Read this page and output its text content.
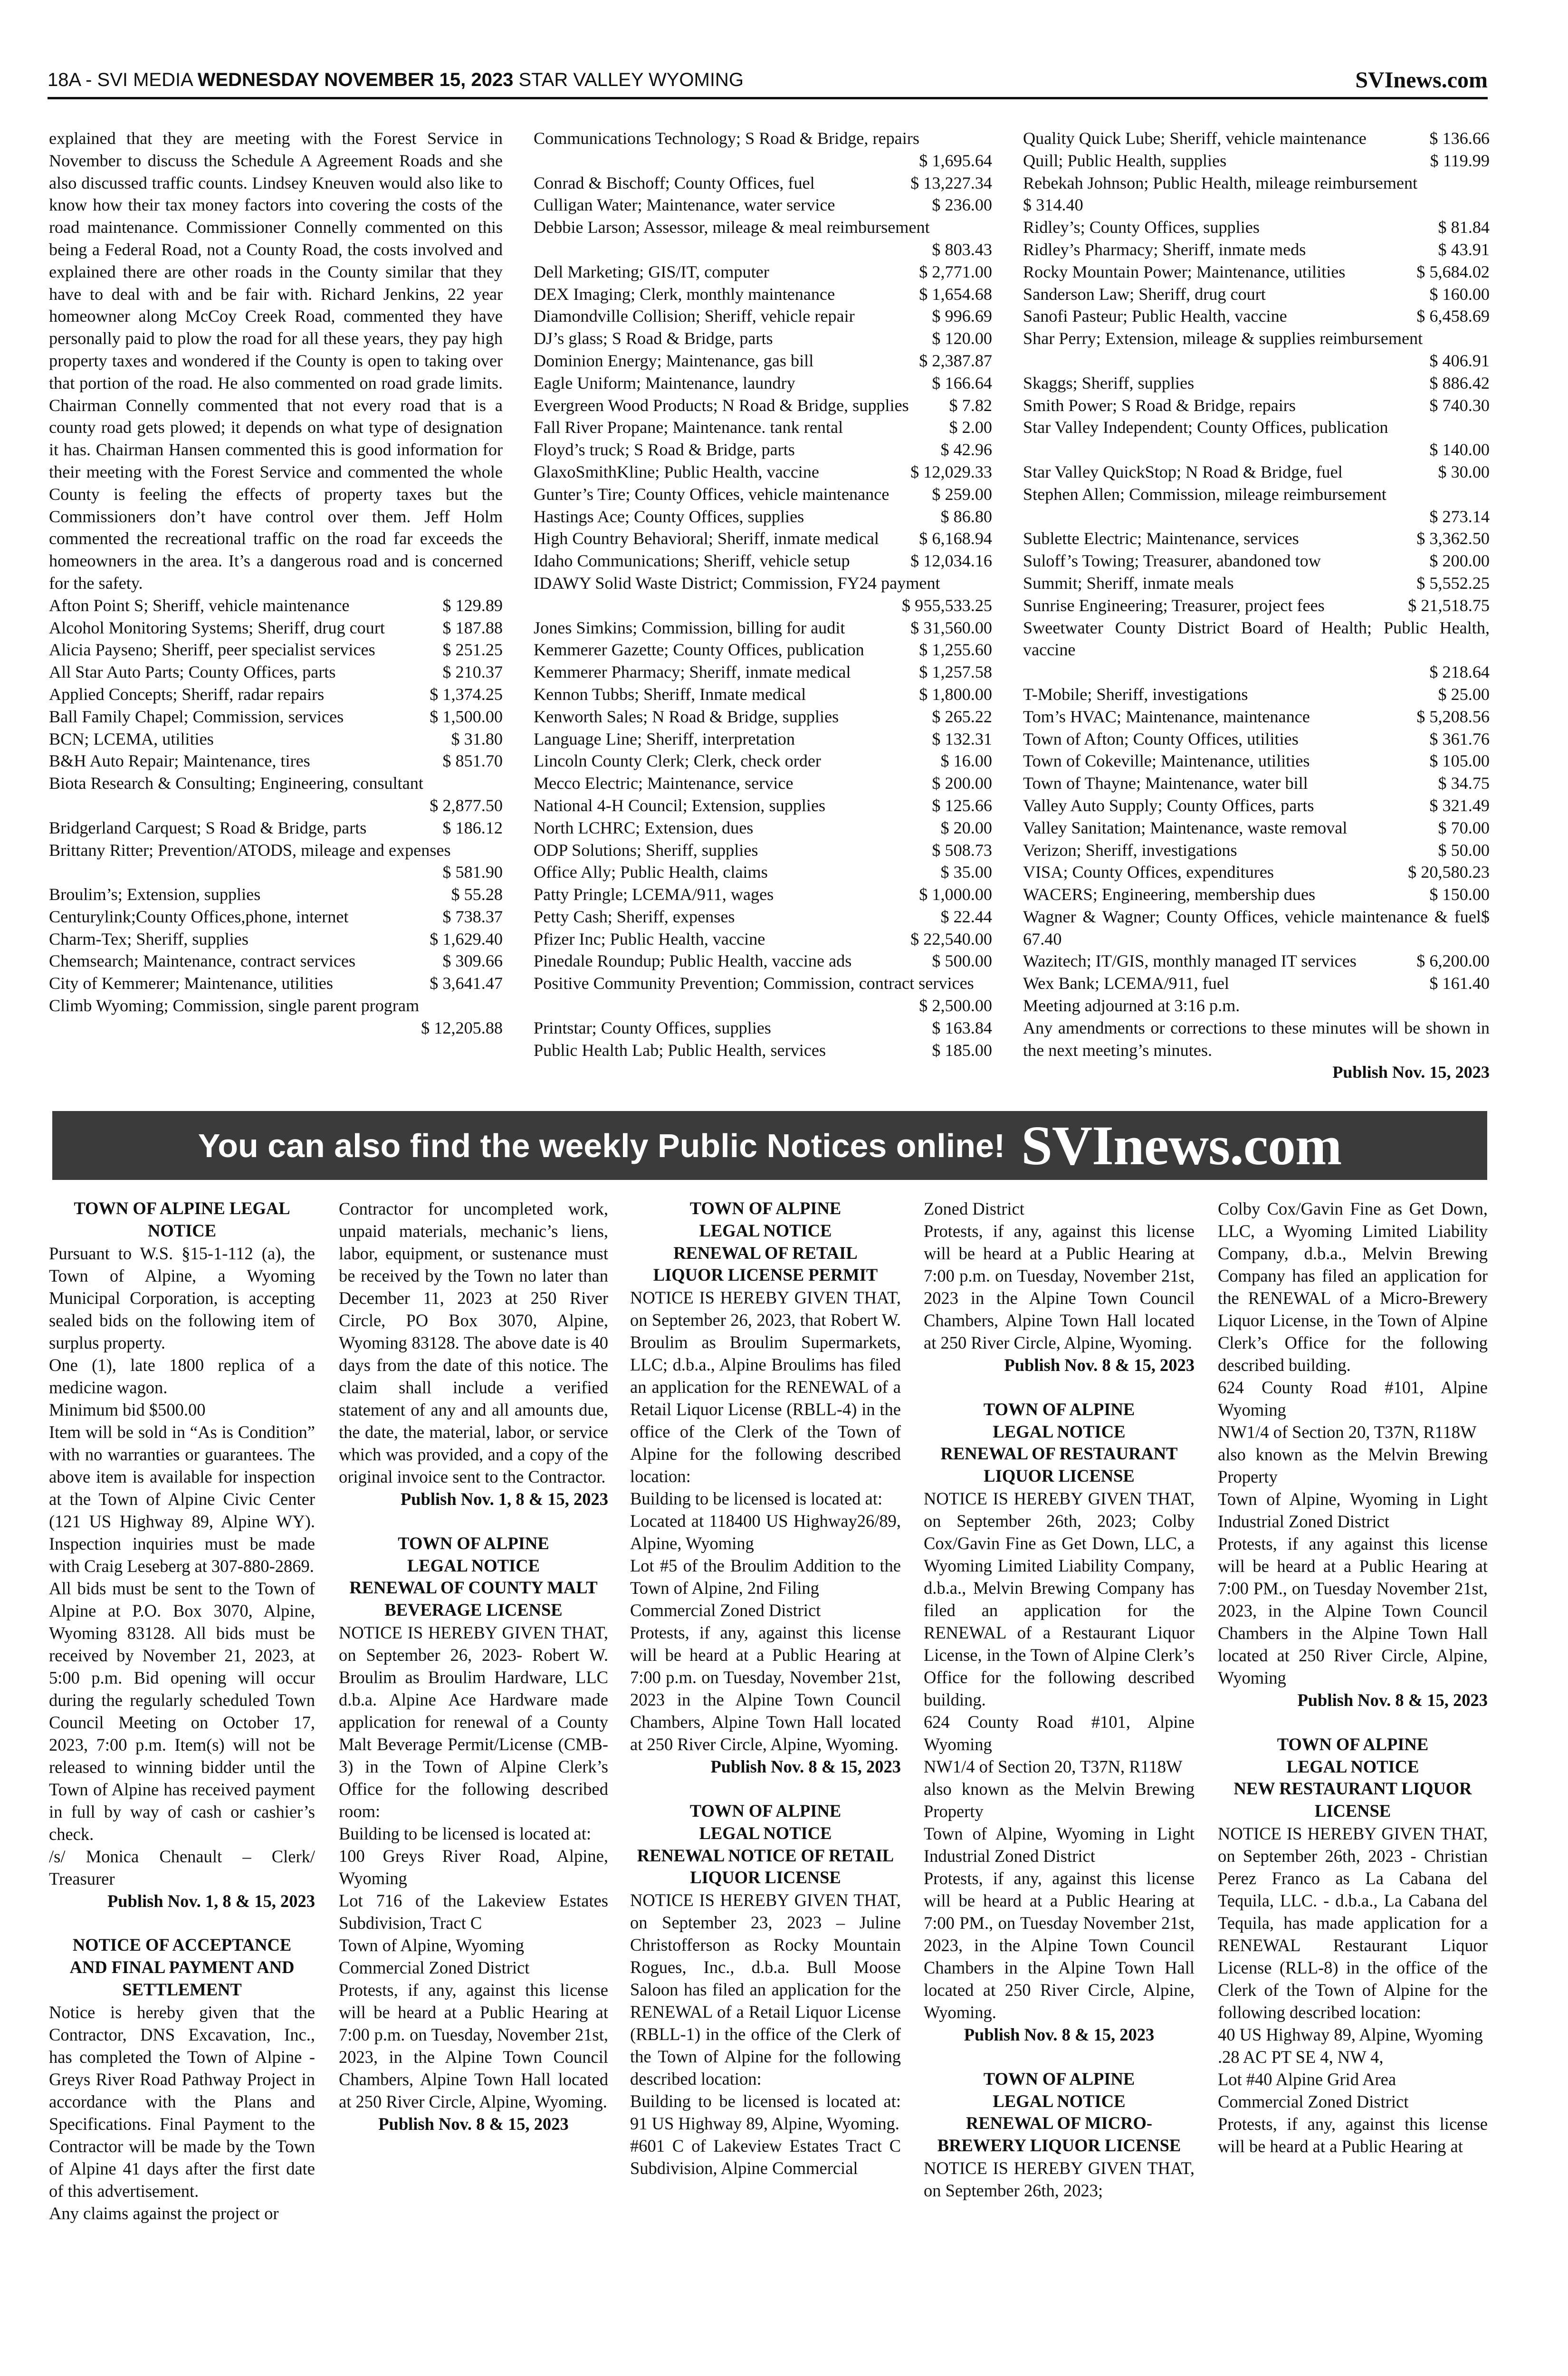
18A - SVI MEDIA WEDNESDAY NOVEMBER 15, 2023 STAR VALLEY WYOMING	SVInews.com

explained that they are meeting with the Forest Service in November to discuss the Schedule A Agreement Roads and she also discussed traffic counts. Lindsey Kneuven would also like to know how their tax money factors into covering the costs of the road maintenance. Commissioner Connelly commented on this being a Federal Road, not a County Road, the costs involved and explained there are other roads in the County similar that they have to deal with and be fair with. Richard Jenkins, 22 year homeowner along McCoy Creek Road, commented they have personally paid to plow the road for all these years, they pay high property taxes and wondered if the County is open to taking over that portion of the road. He also commented on road grade limits. Chairman Connelly commented that not every road that is a county road gets plowed; it depends on what type of designation it has. Chairman Hansen commented this is good information for their meeting with the Forest Service and commented the whole County is feeling the effects of property taxes but the Commissioners don’t have control over them. Jeff Holm commented the recreational traffic on the road far exceeds the homeowners in the area. It’s a dangerous road and is concerned for the safety.

Afton Point S; Sheriff, vehicle maintenance	$ 129.89
Alcohol Monitoring Systems; Sheriff, drug court	$ 187.88
Alicia Payseno; Sheriff, peer specialist services	$ 251.25
All Star Auto Parts; County Offices, parts	$ 210.37
Applied Concepts; Sheriff, radar repairs	$ 1,374.25
Ball Family Chapel; Commission, services	$ 1,500.00
BCN; LCEMA, utilities	$ 31.80
B&H Auto Repair; Maintenance, tires	$ 851.70

Biota Research & Consulting; Engineering, consultant

$ 2,877.50
Bridgerland Carquest; S Road & Bridge, parts	$ 186.12

Brittany Ritter; Prevention/ATODS, mileage and expenses

$ 581.90
Broulim’s; Extension, supplies	$ 55.28
Centurylink;County Offices,phone, internet	$ 738.37
Charm-Tex; Sheriff, supplies	$ 1,629.40
Chemsearch; Maintenance, contract services	$ 309.66
City of Kemmerer; Maintenance, utilities	$ 3,641.47

Climb Wyoming; Commission, single parent program

$ 12,205.88

Communications Technology; S Road & Bridge, repairs

$ 1,695.64
Conrad & Bischoff; County Offices, fuel	$ 13,227.34
Culligan Water; Maintenance, water service	$ 236.00

Debbie Larson; Assessor, mileage & meal reimbursement

$ 803.43
Dell Marketing; GIS/IT, computer	$ 2,771.00
DEX Imaging; Clerk, monthly maintenance	$ 1,654.68
Diamondville Collision; Sheriff, vehicle repair	$ 996.69
DJ’s glass; S Road & Bridge, parts	$ 120.00
Dominion Energy; Maintenance, gas bill	$ 2,387.87
Eagle Uniform; Maintenance, laundry	$ 166.64
Evergreen Wood Products; N Road & Bridge, supplies $ 7.82
Fall River Propane; Maintenance. tank rental	$ 2.00
Floyd’s truck; S Road & Bridge, parts	$ 42.96
GlaxoSmithKline; Public Health, vaccine	$ 12,029.33
Gunter’s Tire; County Offices, vehicle maintenance $ 259.00
Hastings Ace; County Offices, supplies	$ 86.80
High Country Behavioral; Sheriff, inmate medical $ 6,168.94
Idaho Communications; Sheriff, vehicle setup	$ 12,034.16

IDAWY Solid Waste District; Commission, FY24 payment

$ 955,533.25
Jones Simkins; Commission, billing for audit	$ 31,560.00
Kemmerer Gazette; County Offices, publication	$ 1,255.60
Kemmerer Pharmacy; Sheriff, inmate medical	$ 1,257.58
Kennon Tubbs; Sheriff, Inmate medical	$ 1,800.00
Kenworth Sales; N Road & Bridge, supplies	$ 265.22
Language Line; Sheriff, interpretation	$ 132.31
Lincoln County Clerk; Clerk, check order	$ 16.00
Mecco Electric; Maintenance, service	$ 200.00
National 4-H Council; Extension, supplies	$ 125.66
North LCHRC; Extension, dues	$ 20.00
ODP Solutions; Sheriff, supplies	$ 508.73
Office Ally; Public Health, claims	$ 35.00
Patty Pringle; LCEMA/911, wages	$ 1,000.00
Petty Cash; Sheriff, expenses	$ 22.44
Pfizer Inc; Public Health, vaccine	$ 22,540.00
Pinedale Roundup; Public Health, vaccine ads	$ 500.00

Positive Community Prevention; Commission, contract services

$ 2,500.00
Printstar; County Offices, supplies	$ 163.84
Public Health Lab; Public Health, services	$ 185.00
Quality Quick Lube; Sheriff, vehicle maintenance	$ 136.66
Quill; Public Health, supplies	$ 119.99

Rebekah Johnson; Public Health, mileage reimbursement

$ 314.40
Ridley’s; County Offices, supplies	$ 81.84
Ridley’s Pharmacy; Sheriff, inmate meds	$ 43.91
Rocky Mountain Power; Maintenance, utilities	$ 5,684.02
Sanderson Law; Sheriff, drug court	$ 160.00
Sanofi Pasteur; Public Health, vaccine	$ 6,458.69

Shar Perry; Extension, mileage & supplies reimbursement

$ 406.91
Skaggs; Sheriff, supplies	$ 886.42
Smith Power; S Road & Bridge, repairs	$ 740.30

Star Valley Independent; County Offices, publication

$ 140.00
Star Valley QuickStop; N Road & Bridge, fuel	$ 30.00

Stephen Allen; Commission, mileage reimbursement

$ 273.14
Sublette Electric; Maintenance, services	$ 3,362.50
Suloff’s Towing; Treasurer, abandoned tow	$ 200.00
Summit; Sheriff, inmate meals	$ 5,552.25
Sunrise Engineering; Treasurer, project fees	$ 21,518.75

Sweetwater County District Board of Health; Public Health, vaccine

$ 218.64
T-Mobile; Sheriff, investigations	$ 25.00
Tom’s HVAC; Maintenance, maintenance	$ 5,208.56
Town of Afton; County Offices, utilities	$ 361.76
Town of Cokeville; Maintenance, utilities	$ 105.00
Town of Thayne; Maintenance, water bill	$ 34.75
Valley Auto Supply; County Offices, parts	$ 321.49
Valley Sanitation; Maintenance, waste removal	$ 70.00
Verizon; Sheriff, investigations	$ 50.00
VISA; County Offices, expenditures	$ 20,580.23
WACERS; Engineering, membership dues	$ 150.00

Wagner & Wagner; County Offices, vehicle maintenance & fuel$ 67.40

Wazitech; IT/GIS, monthly managed IT services	$ 6,200.00
Wex Bank; LCEMA/911, fuel	$ 161.40

Meeting adjourned at 3:16 p.m.

Any amendments or corrections to these minutes will be shown in the next meeting’s minutes.

Publish Nov. 15, 2023

You can also find the weekly Public Notices online! SVInews.com
TOWN OF ALPINE LEGAL
NOTICE

Pursuant to W.S. §15-1-112 (a), the Town of Alpine, a Wyoming Municipal Corporation, is accepting sealed bids on the following item of surplus property.

One (1), late 1800 replica of a medicine wagon.

Minimum bid $500.00

Item will be sold in “As is Condition” with no warranties or guarantees. The above item is available for inspection at the Town of Alpine Civic Center (121 US Highway 89, Alpine WY). Inspection inquiries must be made with Craig Leseberg at 307-880-2869.

All bids must be sent to the Town of Alpine at P.O. Box 3070, Alpine, Wyoming 83128. All bids must be received by November 21, 2023, at 5:00 p.m. Bid opening will occur during the regularly scheduled Town Council Meeting on October 17, 2023, 7:00 p.m. Item(s) will not be released to winning bidder until the Town of Alpine has received payment in full by way of cash or cashier’s check.

/s/ Monica Chenault – Clerk/ Treasurer

Publish Nov. 1, 8 & 15, 2023

NOTICE OF ACCEPTANCE
AND FINAL PAYMENT AND
SETTLEMENT

Notice is hereby given that the Contractor, DNS Excavation, Inc., has completed the Town of Alpine - Greys River Road Pathway Project in accordance with the Plans and Specifications. Final Payment to the Contractor will be made by the Town of Alpine 41 days after the first date of this advertisement.

Any claims against the project or

Contractor for uncompleted work, unpaid materials, mechanic’s liens, labor, equipment, or sustenance must be received by the Town no later than December 11, 2023 at 250 River Circle, PO Box 3070, Alpine, Wyoming 83128. The above date is 40 days from the date of this notice. The claim shall include a verified statement of any and all amounts due, the date, the material, labor, or service which was provided, and a copy of the original invoice sent to the Contractor.

Publish Nov. 1, 8 & 15, 2023

TOWN OF ALPINE
LEGAL NOTICE
RENEWAL OF COUNTY MALT
BEVERAGE LICENSE

NOTICE IS HEREBY GIVEN THAT, on September 26, 2023- Robert W. Broulim as Broulim Hardware, LLC d.b.a. Alpine Ace Hardware made application for renewal of a County Malt Beverage Permit/License (CMB-3) in the Town of Alpine Clerk’s Office for the following described room:

Building to be licensed is located at:

100 Greys River Road, Alpine, Wyoming

Lot 716 of the Lakeview Estates Subdivision, Tract C

Town of Alpine, Wyoming

Commercial Zoned District

Protests, if any, against this license will be heard at a Public Hearing at 7:00 p.m. on Tuesday, November 21st, 2023, in the Alpine Town Council Chambers, Alpine Town Hall located at 250 River Circle, Alpine, Wyoming.

Publish Nov. 8 & 15, 2023

TOWN OF ALPINE
LEGAL NOTICE
RENEWAL OF RETAIL
LIQUOR LICENSE PERMIT

NOTICE IS HEREBY GIVEN THAT, on September 26, 2023, that Robert W. Broulim as Broulim Supermarkets, LLC; d.b.a., Alpine Broulims has filed an application for the RENEWAL of a Retail Liquor License (RBLL-4) in the office of the Clerk of the Town of Alpine for the following described location:

Building to be licensed is located at:

Located at 118400 US Highway26/89, Alpine, Wyoming

Lot #5 of the Broulim Addition to the Town of Alpine, 2nd Filing

Commercial Zoned District

Protests, if any, against this license will be heard at a Public Hearing at 7:00 p.m. on Tuesday, November 21st, 2023 in the Alpine Town Council Chambers, Alpine Town Hall located at 250 River Circle, Alpine, Wyoming.

Publish Nov. 8 & 15, 2023

TOWN OF ALPINE
LEGAL NOTICE
RENEWAL NOTICE OF RETAIL
LIQUOR LICENSE

NOTICE IS HEREBY GIVEN THAT, on September 23, 2023 – Juline Christofferson as Rocky Mountain Rogues, Inc., d.b.a. Bull Moose Saloon has filed an application for the RENEWAL of a Retail Liquor License (RBLL-1) in the office of the Clerk of the Town of Alpine for the following described location:

Building to be licensed is located at: 91 US Highway 89, Alpine, Wyoming.

#601 C of Lakeview Estates Tract C Subdivision, Alpine Commercial

Zoned District

Protests, if any, against this license will be heard at a Public Hearing at 7:00 p.m. on Tuesday, November 21st, 2023 in the Alpine Town Council Chambers, Alpine Town Hall located at 250 River Circle, Alpine, Wyoming.

Publish Nov. 8 & 15, 2023

TOWN OF ALPINE
LEGAL NOTICE
RENEWAL OF RESTAURANT
LIQUOR LICENSE

NOTICE IS HEREBY GIVEN THAT, on September 26th, 2023; Colby Cox/Gavin Fine as Get Down, LLC, a Wyoming Limited Liability Company, d.b.a., Melvin Brewing Company has filed an application for the RENEWAL of a Restaurant Liquor License, in the Town of Alpine Clerk’s Office for the following described building.

624 County Road #101, Alpine Wyoming

NW1/4 of Section 20, T37N, R118W

also known as the Melvin Brewing Property

Town of Alpine, Wyoming in Light Industrial Zoned District

Protests, if any, against this license will be heard at a Public Hearing at 7:00 PM., on Tuesday November 21st, 2023, in the Alpine Town Council Chambers in the Alpine Town Hall located at 250 River Circle, Alpine, Wyoming.

Publish Nov. 8 & 15, 2023

TOWN OF ALPINE
LEGAL NOTICE
RENEWAL OF MICRO-
BREWERY LIQUOR LICENSE

NOTICE IS HEREBY GIVEN THAT, on September 26th, 2023;

Colby Cox/Gavin Fine as Get Down, LLC, a Wyoming Limited Liability Company, d.b.a., Melvin Brewing Company has filed an application for the RENEWAL of a Micro-Brewery Liquor License, in the Town of Alpine Clerk’s Office for the following described building.

624 County Road #101, Alpine Wyoming

NW1/4 of Section 20, T37N, R118W

also known as the Melvin Brewing Property

Town of Alpine, Wyoming in Light Industrial Zoned District

Protests, if any against this license will be heard at a Public Hearing at 7:00 PM., on Tuesday November 21st, 2023, in the Alpine Town Council Chambers in the Alpine Town Hall located at 250 River Circle, Alpine, Wyoming

Publish Nov. 8 & 15, 2023

TOWN OF ALPINE
LEGAL NOTICE
NEW RESTAURANT LIQUOR
LICENSE

NOTICE IS HEREBY GIVEN THAT, on September 26th, 2023 - Christian Perez Franco as La Cabana del Tequila, LLC. - d.b.a., La Cabana del Tequila, has made application for a RENEWAL Restaurant Liquor License (RLL-8) in the office of the Clerk of the Town of Alpine for the following described location:

40 US Highway 89, Alpine, Wyoming

.28 AC PT SE 4, NW 4,

Lot #40 Alpine Grid Area

Commercial Zoned District

Protests, if any, against this license will be heard at a Public Hearing at
